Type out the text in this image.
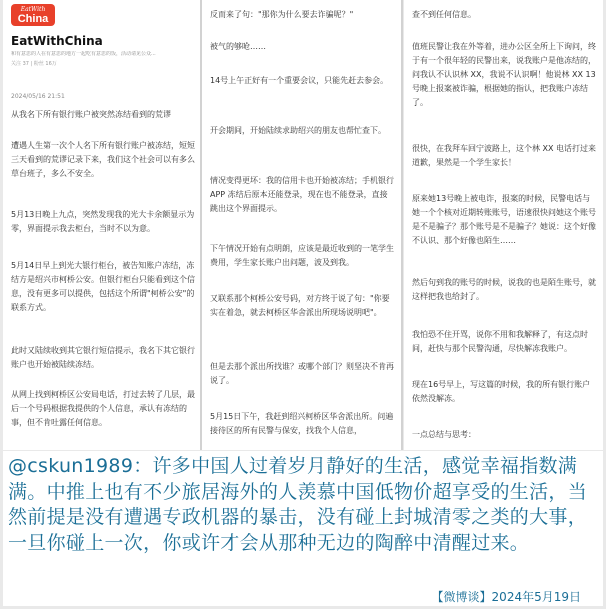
EatWith
China
EatWithChina
和有意思的人在有意思的地方一起吃有意思的饭，活动请见公众...
关注 37 | 粉丝 16万
2024/05/16 21:51

从我名下所有银行账户被突然冻结看到的荒谬

遭遇人生第一次个人名下所有银行账户被冻结，短短三天看到的荒谬记录下来，我们这个社会可以有多么草台班子，多么不安全。

5月13日晚上九点，突然发现我的光大卡余额显示为零，界面提示我去柜台，当时不以为意。

5月14日早上到光大银行柜台，被告知账户冻结，冻结方是绍兴市柯桥公安。但银行柜台只能看到这个信息，没有更多可以提供，包括这个所谓"柯桥公安"的联系方式。

此时又陆续收到其它银行短信提示，我名下其它银行账户也开始被陆续冻结。

从网上找到柯桥区公安局电话，打过去转了几层，最后一个号码根据我提供的个人信息，承认有冻结的事，但不肯吐露任何信息。

反而来了句："那你为什么要去诈骗呢？"

被气的够呛……

14号上午正好有一个重要会议，只能先赶去参会。

开会期间，开始陆续求助绍兴的朋友也帮忙查下。

情况变得更坏：我的信用卡也开始被冻结；手机银行 APP 冻结后原本还能登录，现在也不能登录，直接跳出这个界面提示。

下午情况开始有点明朗，应该是最近收到的一笔学生费用，学生家长账户出问题，波及到我。

又联系那个柯桥公安号码，对方终于说了句："你要实在着急，就去柯桥区华舍派出所现场说明吧"。

但是去那个派出所找谁？或哪个部门？则坚决不肯再说了。

5月15日下午，我赶到绍兴柯桥区华舍派出所。问遍接待区的所有民警与保安，找我个人信息，

查不到任何信息。

值班民警让我在外等着，进办公区全所上下询问，终于有一个很年轻的民警出来，说我账户是他冻结的，问我认不认识林 XX，我说不认识啊！他说林 XX 13号晚上报案被诈骗，根据她的指认，把我账户冻结了。

很快，在我拜车回宁波路上，这个林 XX 电话打过来道歉，果然是一个学生家长！

原来她13号晚上被电诈，报案的时候，民警电话与她一个个核对近期转账账号，语速很快问她这个账号是不是骗子？那个账号是不是骗子？她说：这个好像不认识、那个好像也陌生……

然后句到我的账号的时候，说我的也是陌生账号，就这样把我也给封了。

我怕恐不住开骂，说你不用和我解释了，有这点时间，赶快与那个民警沟通，尽快解冻我账户。

现在16号早上，写这篇的时候，我的所有银行账户依然没解冻。

一点总结与思考：

@cskun1989：许多中国人过着岁月静好的生活，感觉幸福指数满满。中推上也有不少旅居海外的人羡慕中国低物价超享受的生活，当然前提是没有遭遇专政机器的暴击，没有碰上封城清零之类的大事，一旦你碰上一次，你或许才会从那种无边的陶醉中清醒过来。

【微博谈】2024年5月19日
